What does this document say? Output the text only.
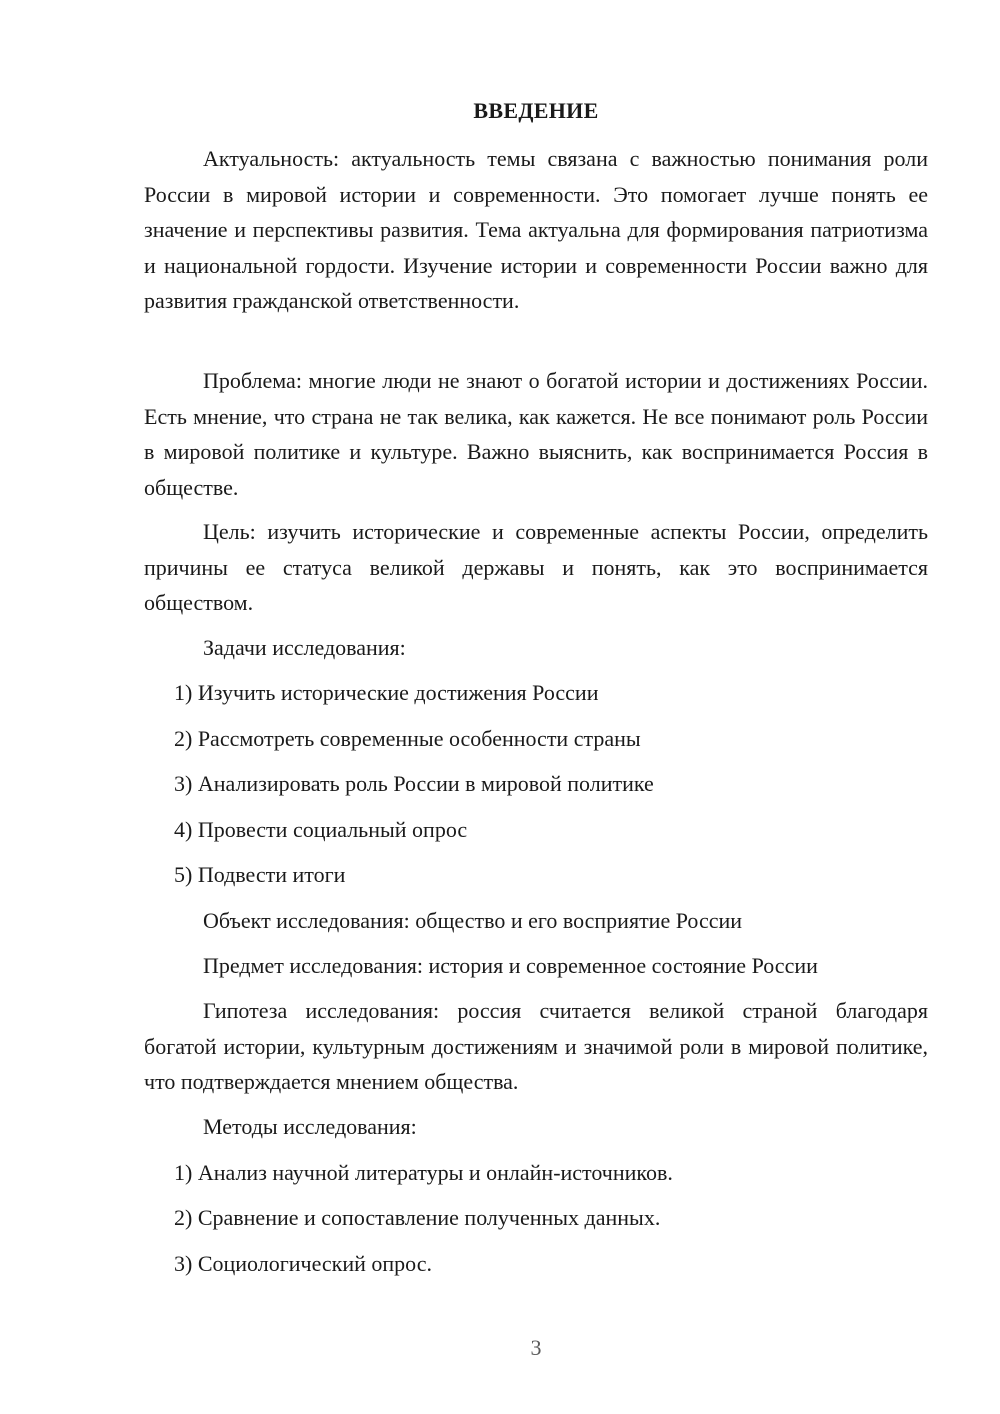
ВВЕДЕНИЕ

Актуальность: актуальность темы связана с важностью понимания роли России в мировой истории и современности. Это помогает лучше понять ее значение и перспективы развития. Тема актуальна для формирования патриотизма и национальной гордости. Изучение истории и современности России важно для развития гражданской ответственности.

Проблема: многие люди не знают о богатой истории и достижениях России. Есть мнение, что страна не так велика, как кажется. Не все понимают роль России в мировой политике и культуре. Важно выяснить, как воспринимается Россия в обществе.

Цель: изучить исторические и современные аспекты России, определить причины ее статуса великой державы и понять, как это воспринимается обществом.

Задачи исследования:

1) Изучить исторические достижения России

2) Рассмотреть современные особенности страны

3) Анализировать роль России в мировой политике

4) Провести социальный опрос

5) Подвести итоги

Объект исследования: общество и его восприятие России

Предмет исследования: история и современное состояние России

Гипотеза исследования: россия считается великой страной благодаря богатой истории, культурным достижениям и значимой роли в мировой политике, что подтверждается мнением общества.

Методы исследования:

1) Анализ научной литературы и онлайн-источников.

2) Сравнение и сопоставление полученных данных.

3) Социологический опрос.

3
